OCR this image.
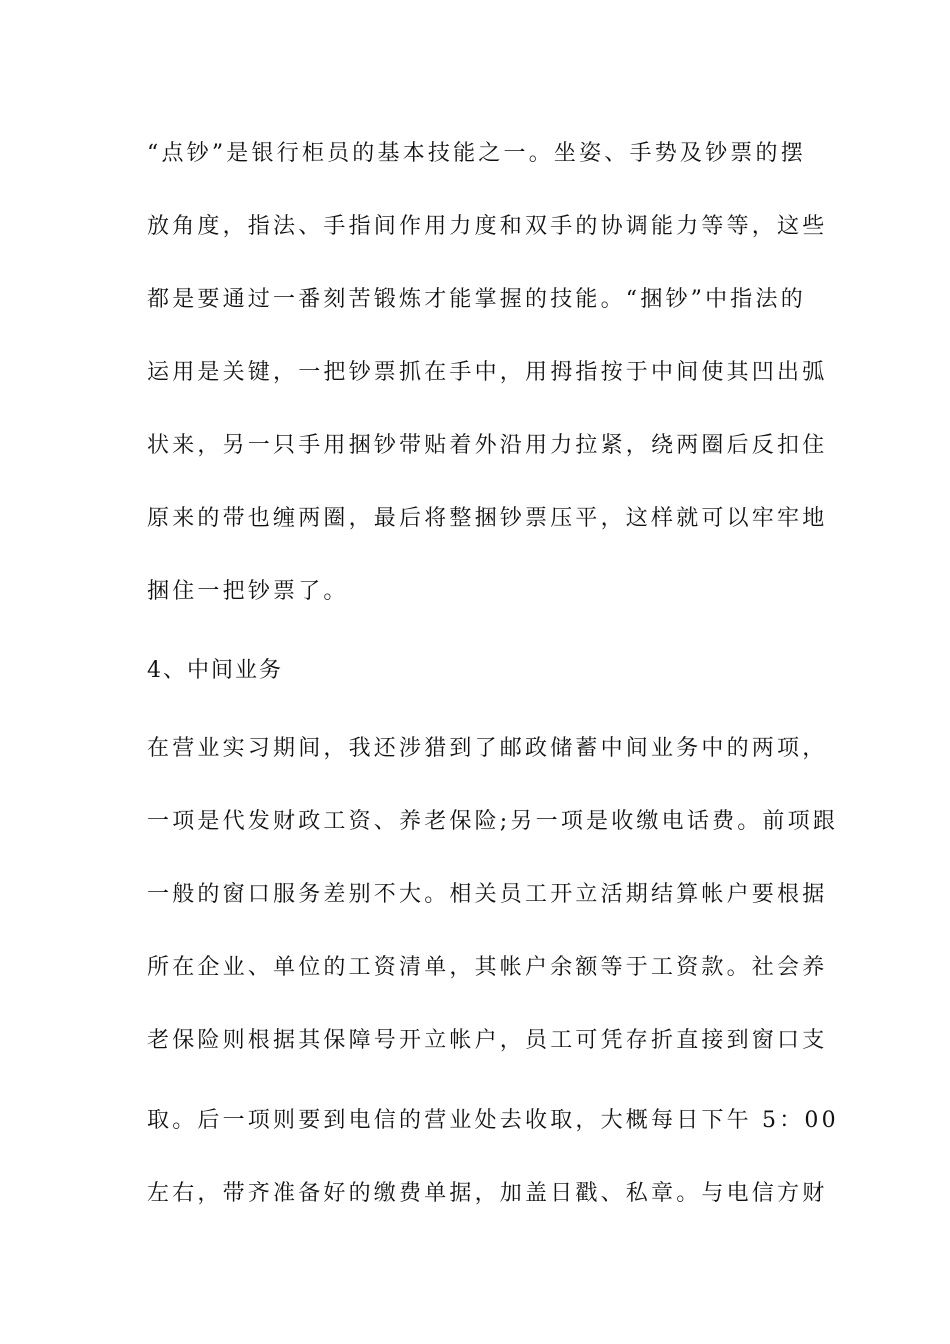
“点钞”是银行柜员的基本技能之一。坐姿、手势及钞票的摆
放角度，指法、手指间作用力度和双手的协调能力等等，这些
都是要通过一番刻苦锻炼才能掌握的技能。“捆钞”中指法的
运用是关键，一把钞票抓在手中，用拇指按于中间使其凹出弧
状来，另一只手用捆钞带贴着外沿用力拉紧，绕两圈后反扣住
原来的带也缠两圈，最后将整捆钞票压平，这样就可以牢牢地
捆住一把钞票了。
4、中间业务
在营业实习期间，我还涉猎到了邮政储蓄中间业务中的两项，
一项是代发财政工资、养老保险;另一项是收缴电话费。前项跟
一般的窗口服务差别不大。相关员工开立活期结算帐户要根据
所在企业、单位的工资清单，其帐户余额等于工资款。社会养
老保险则根据其保障号开立帐户，员工可凭存折直接到窗口支
取。后一项则要到电信的营业处去收取，大概每日下午 5：00
左右，带齐准备好的缴费单据，加盖日戳、私章。与电信方财
